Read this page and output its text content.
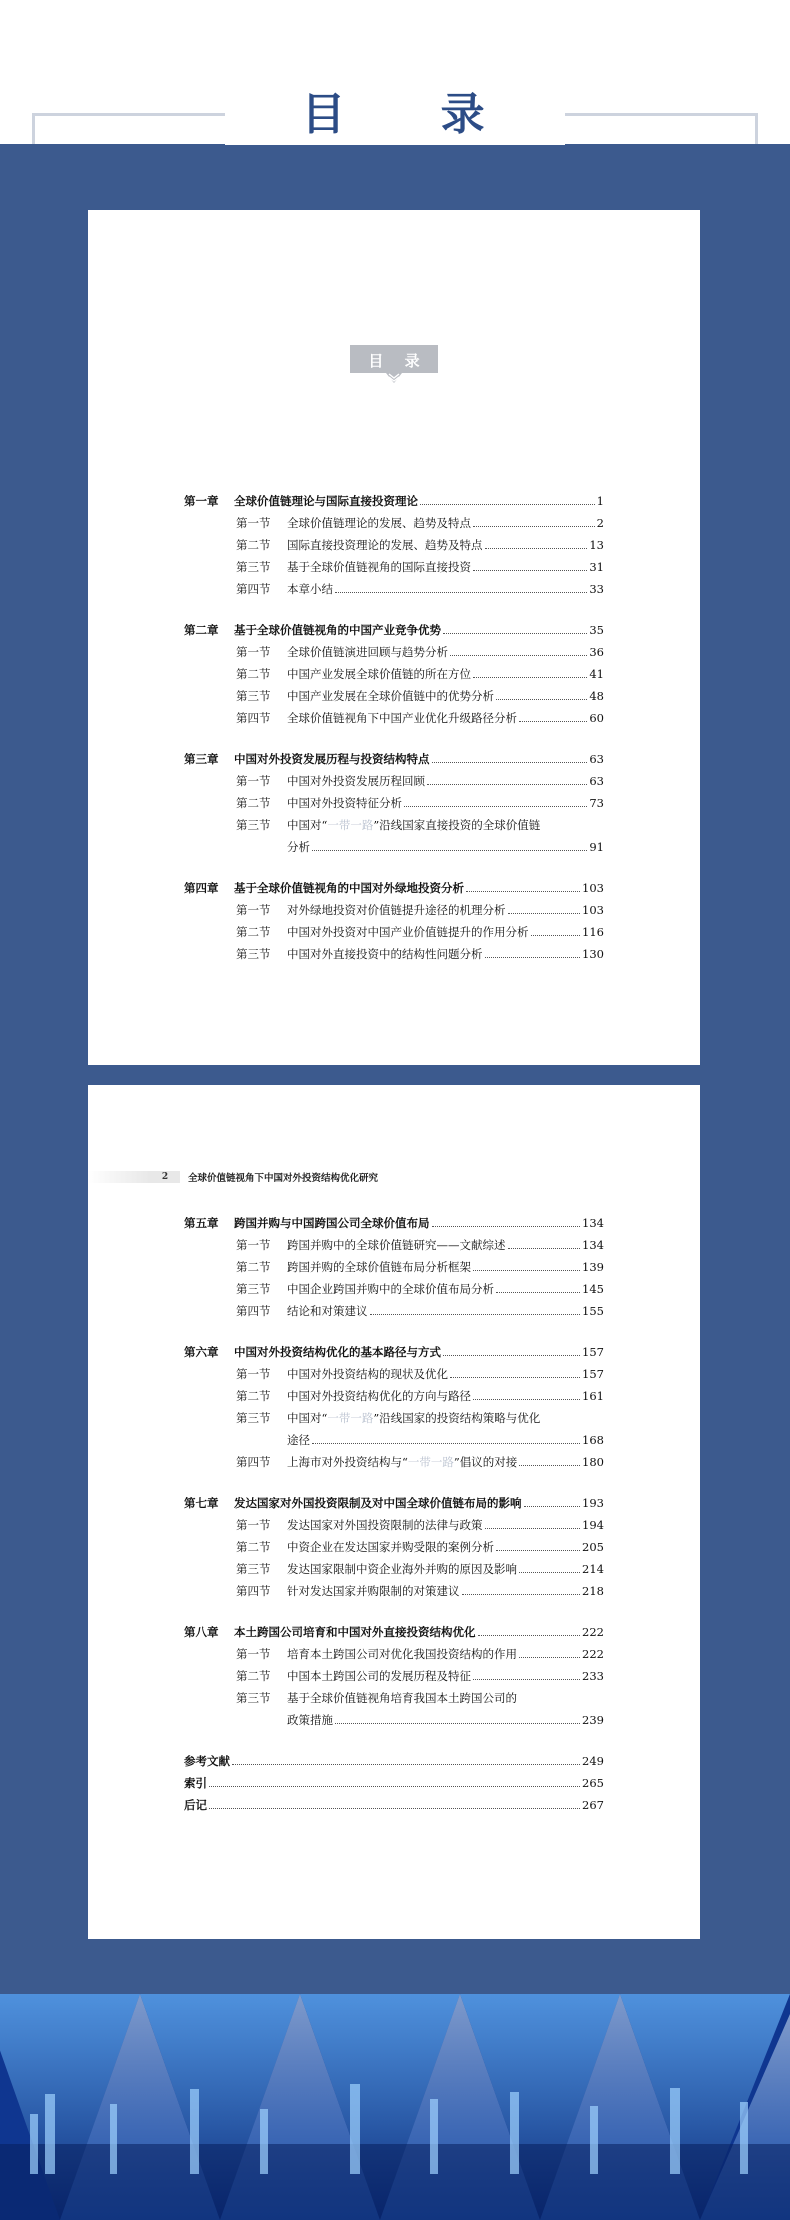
目 录
目 录
第一章	全球价值链理论与国际直接投资理论	1
第一节	全球价值链理论的发展、趋势及特点	2
第二节	国际直接投资理论的发展、趋势及特点	13
第三节	基于全球价值链视角的国际直接投资	31
第四节	本章小结	33
第二章	基于全球价值链视角的中国产业竞争优势	35
第一节	全球价值链演进回顾与趋势分析	36
第二节	中国产业发展全球价值链的所在方位	41
第三节	中国产业发展在全球价值链中的优势分析	48
第四节	全球价值链视角下中国产业优化升级路径分析	60
第三章	中国对外投资发展历程与投资结构特点	63
第一节	中国对外投资发展历程回顾	63
第二节	中国对外投资特征分析	73
第三节	中国对“一带一路”沿线国家直接投资的全球价值链
分析	91
第四章	基于全球价值链视角的中国对外绿地投资分析	103
第一节	对外绿地投资对价值链提升途径的机理分析	103
第二节	中国对外投资对中国产业价值链提升的作用分析	116
第三节	中国对外直接投资中的结构性问题分析	130
2	全球价值链视角下中国对外投资结构优化研究
第五章	跨国并购与中国跨国公司全球价值布局	134
第一节	跨国并购中的全球价值链研究——文献综述	134
第二节	跨国并购的全球价值链布局分析框架	139
第三节	中国企业跨国并购中的全球价值布局分析	145
第四节	结论和对策建议	155
第六章	中国对外投资结构优化的基本路径与方式	157
第一节	中国对外投资结构的现状及优化	157
第二节	中国对外投资结构优化的方向与路径	161
第三节	中国对“一带一路”沿线国家的投资结构策略与优化
途径	168
第四节	上海市对外投资结构与“一带一路”倡议的对接	180
第七章	发达国家对外国投资限制及对中国全球价值链布局的影响	193
第一节	发达国家对外国投资限制的法律与政策	194
第二节	中资企业在发达国家并购受限的案例分析	205
第三节	发达国家限制中资企业海外并购的原因及影响	214
第四节	针对发达国家并购限制的对策建议	218
第八章	本土跨国公司培育和中国对外直接投资结构优化	222
第一节	培育本土跨国公司对优化我国投资结构的作用	222
第二节	中国本土跨国公司的发展历程及特征	233
第三节	基于全球价值链视角培育我国本土跨国公司的
政策措施	239
参考文献	249
索引	265
后记	267
